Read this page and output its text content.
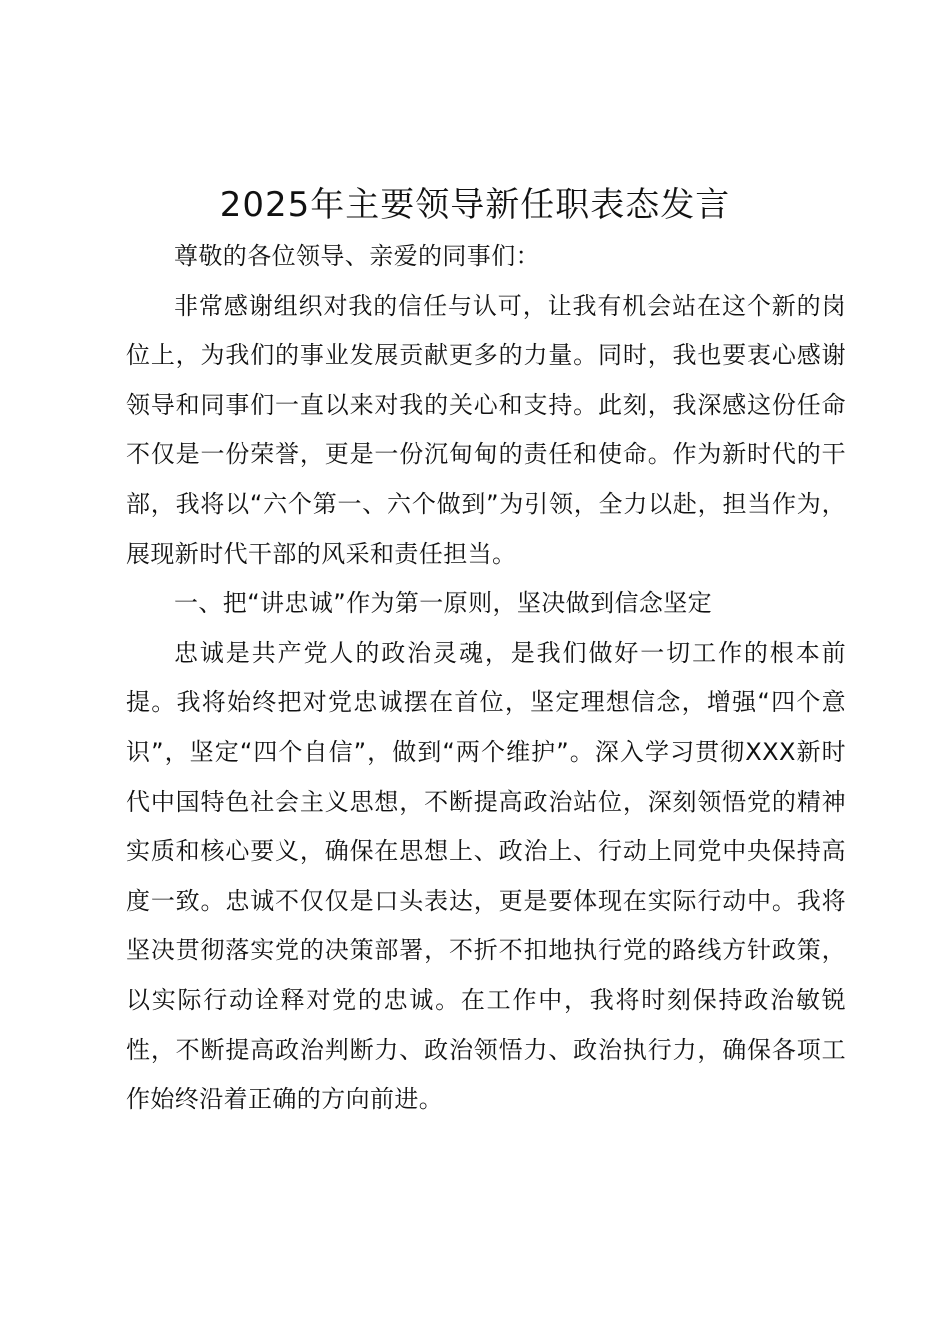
2025年主要领导新任职表态发言

尊敬的各位领导、亲爱的同事们：

非常感谢组织对我的信任与认可，让我有机会站在这个新的岗位上，为我们的事业发展贡献更多的力量。同时，我也要衷心感谢领导和同事们一直以来对我的关心和支持。此刻，我深感这份任命不仅是一份荣誉，更是一份沉甸甸的责任和使命。作为新时代的干部，我将以“六个第一、六个做到”为引领，全力以赴，担当作为，展现新时代干部的风采和责任担当。

一、把“讲忠诚”作为第一原则，坚决做到信念坚定

忠诚是共产党人的政治灵魂，是我们做好一切工作的根本前提。我将始终把对党忠诚摆在首位，坚定理想信念，增强“四个意识”，坚定“四个自信”，做到“两个维护”。深入学习贯彻XXX新时代中国特色社会主义思想，不断提高政治站位，深刻领悟党的精神实质和核心要义，确保在思想上、政治上、行动上同党中央保持高度一致。忠诚不仅仅是口头表达，更是要体现在实际行动中。我将坚决贯彻落实党的决策部署，不折不扣地执行党的路线方针政策，以实际行动诠释对党的忠诚。在工作中，我将时刻保持政治敏锐性，不断提高政治判断力、政治领悟力、政治执行力，确保各项工作始终沿着正确的方向前进。
